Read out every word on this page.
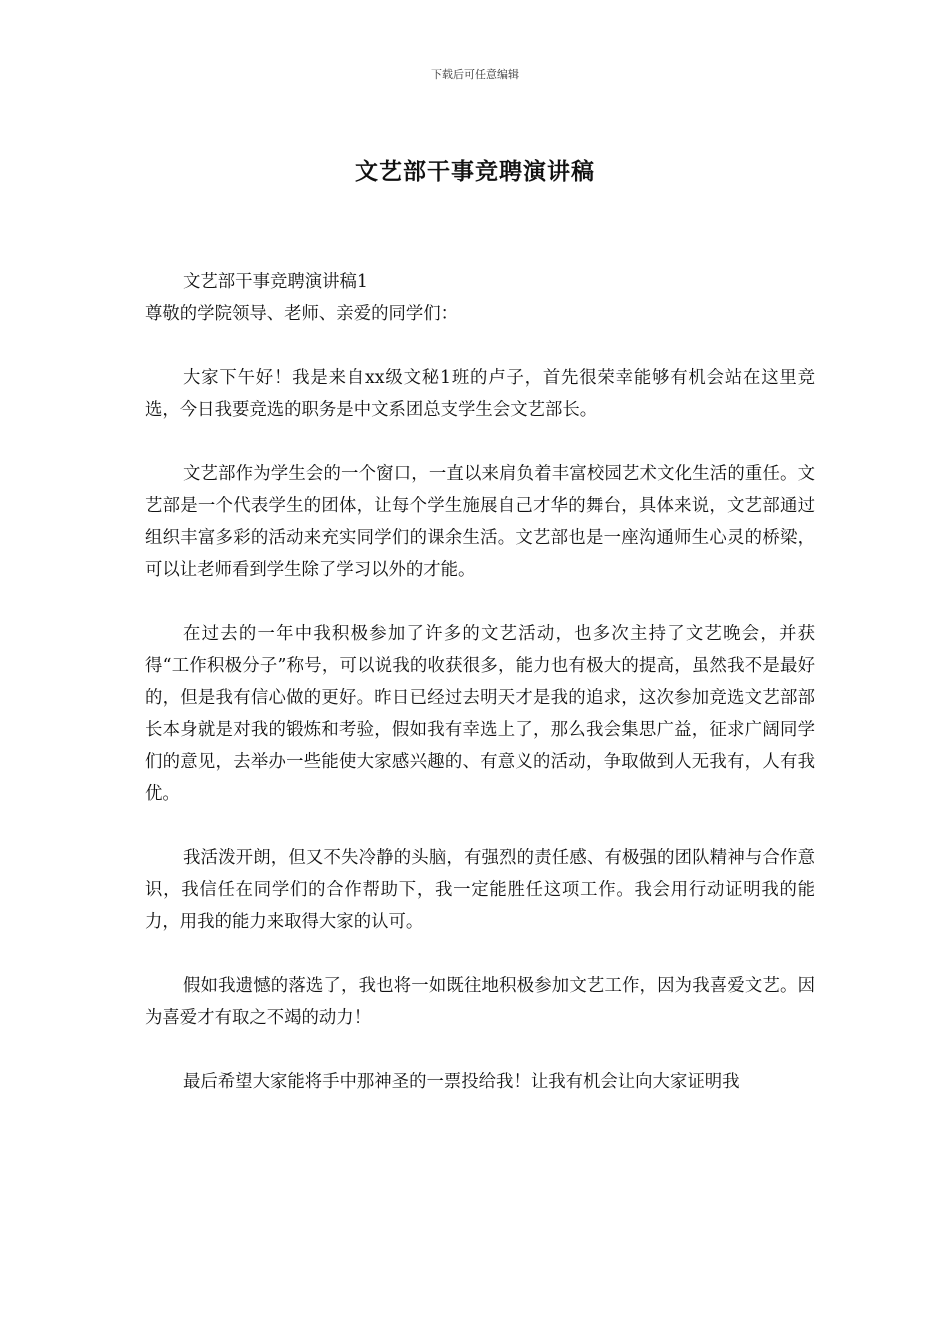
下载后可任意编辑
文艺部干事竞聘演讲稿

文艺部干事竞聘演讲稿1

尊敬的学院领导、老师、亲爱的同学们：

大家下午好！我是来自xx级文秘1班的卢子，首先很荣幸能够有机会站在这里竞选，今日我要竞选的职务是中文系团总支学生会文艺部长。

文艺部作为学生会的一个窗口，一直以来肩负着丰富校园艺术文化生活的重任。文艺部是一个代表学生的团体，让每个学生施展自己才华的舞台，具体来说，文艺部通过组织丰富多彩的活动来充实同学们的课余生活。文艺部也是一座沟通师生心灵的桥梁，可以让老师看到学生除了学习以外的才能。

在过去的一年中我积极参加了许多的文艺活动，也多次主持了文艺晚会，并获得“工作积极分子”称号，可以说我的收获很多，能力也有极大的提高，虽然我不是最好的，但是我有信心做的更好。昨日已经过去明天才是我的追求，这次参加竞选文艺部部长本身就是对我的锻炼和考验，假如我有幸选上了，那么我会集思广益，征求广阔同学们的意见，去举办一些能使大家感兴趣的、有意义的活动，争取做到人无我有，人有我优。

我活泼开朗，但又不失冷静的头脑，有强烈的责任感、有极强的团队精神与合作意识，我信任在同学们的合作帮助下，我一定能胜任这项工作。我会用行动证明我的能力，用我的能力来取得大家的认可。

假如我遗憾的落选了，我也将一如既往地积极参加文艺工作，因为我喜爱文艺。因为喜爱才有取之不竭的动力！

最后希望大家能将手中那神圣的一票投给我！让我有机会让向大家证明我
